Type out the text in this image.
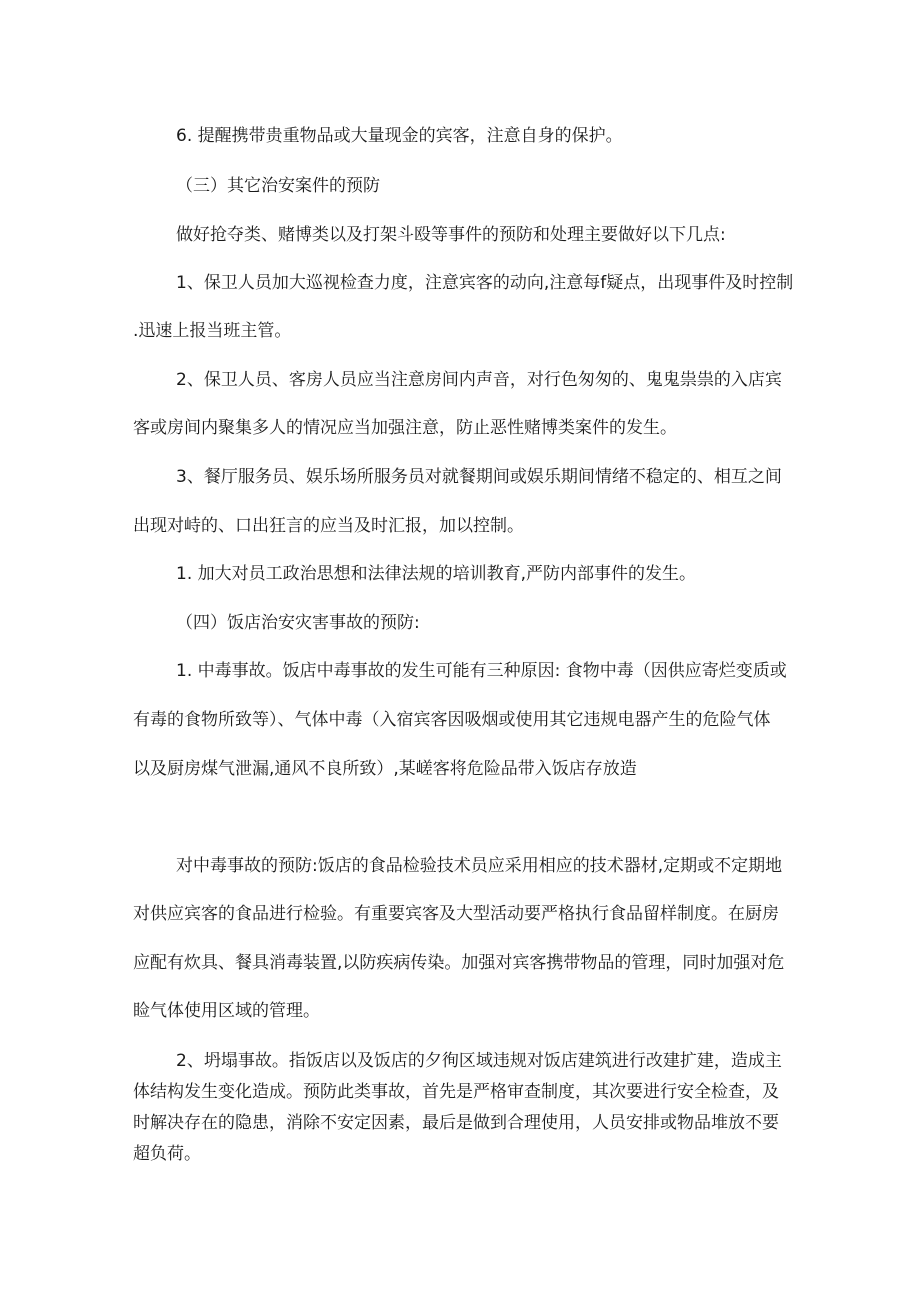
6. 提醒携带贵重物品或大量现金的宾客，注意自身的保护。
（三）其它治安案件的预防
做好抢夺类、赌博类以及打架斗殴等事件的预防和处理主要做好以下几点:
1、保卫人员加大巡视检查力度，注意宾客的动向,注意每f疑点，出现事件及时控制
.迅速上报当班主管。
2、保卫人员、客房人员应当注意房间内声音，对行色匆匆的、鬼鬼祟祟的入店宾
客或房间内聚集多人的情况应当加强注意，防止恶性赌博类案件的发生。
3、餐厅服务员、娱乐场所服务员对就餐期间或娱乐期间情绪不稳定的、相互之间
出现对峙的、口出狂言的应当及时汇报，加以控制。
1. 加大对员工政治思想和法律法规的培训教育,严防内部事件的发生。
（四）饭店治安灾害事故的预防:
1. 中毒事故。饭店中毒事故的发生可能有三种原因: 食物中毒（因供应寄烂变质或
有毒的食物所致等）、气体中毒（入宿宾客因吸烟或使用其它违规电器产生的危险气体
以及厨房煤气泄漏,通风不良所致）,某嵯客将危险品带入饭店存放造
对中毒事故的预防:饭店的食品检验技术员应采用相应的技术器材,定期或不定期地
对供应宾客的食品进行检验。有重要宾客及大型活动要严格执行食品留样制度。在厨房
应配有炊具、餐具消毒装置,以防疾病传染。加强对宾客携带物品的管理，同时加强对危
睑气体使用区域的管理。
2、坍塌事故。指饭店以及饭店的夕徇区域违规对饭店建筑进行改建扩建，造成主
体结构发生变化造成。预防此类事故，首先是严格审查制度，其次要进行安全检查，及
时解决存在的隐患，消除不安定因素，最后是做到合理使用，人员安排或物品堆放不要
超负荷。
